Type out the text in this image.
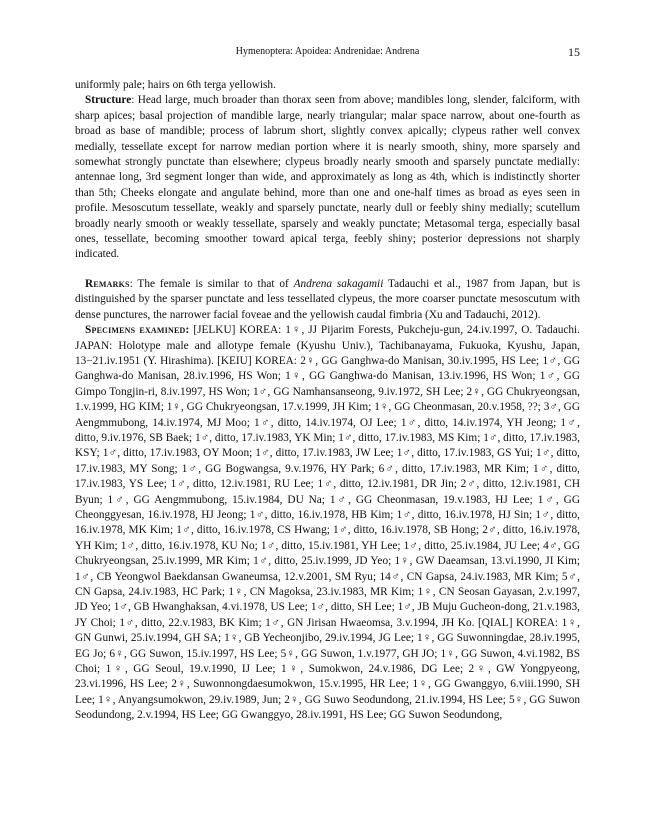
Hymenoptera: Apoidea: Andrenidae: Andrena	15

uniformly pale; hairs on 6th terga yellowish.

Structure: Head large, much broader than thorax seen from above; mandibles long, slender, falciform, with sharp apices; basal projection of mandible large, nearly triangular; malar space narrow, about one-fourth as broad as base of mandible; process of labrum short, slightly convex apically; clypeus rather well convex medially, tessellate except for narrow median portion where it is nearly smooth, shiny, more sparsely and somewhat strongly punctate than elsewhere; clypeus broadly nearly smooth and sparsely punctate medially: antennae long, 3rd segment longer than wide, and approximately as long as 4th, which is indistinctly shorter than 5th; Cheeks elongate and angulate behind, more than one and one-half times as broad as eyes seen in profile. Mesoscutum tessellate, weakly and sparsely punctate, nearly dull or feebly shiny medially; scutellum broadly nearly smooth or weakly tessellate, sparsely and weakly punctate; Metasomal terga, especially basal ones, tessellate, becoming smoother toward apical terga, feebly shiny; posterior depressions not sharply indicated.

Remarks: The female is similar to that of Andrena sakagamii Tadauchi et al., 1987 from Japan, but is distinguished by the sparser punctate and less tessellated clypeus, the more coarser punctate mesoscutum with dense punctures, the narrower facial foveae and the yellowish caudal fimbria (Xu and Tadauchi, 2012).

Specimens examined: [JELKU] KOREA: 1♀, JJ Pijarim Forests, Pukcheju-gun, 24.iv.1997, O. Tadauchi. JAPAN: Holotype male and allotype female (Kyushu Univ.), Tachibanayama, Fukuoka, Kyushu, Japan, 13−21.iv.1951 (Y. Hirashima). [KEIU] KOREA: 2♀, GG Ganghwa-do Manisan, 30.iv.1995, HS Lee; 1♂, GG Ganghwa-do Manisan, 28.iv.1996, HS Won; 1♀, GG Ganghwa-do Manisan, 13.iv.1996, HS Won; 1♂, GG Gimpo Tongjin-ri, 8.iv.1997, HS Won; 1♂, GG Namhansanseong, 9.iv.1972, SH Lee; 2♀, GG Chukryeongsan, 1.v.1999, HG KIM; 1♀, GG Chukryeongsan, 17.v.1999, JH Kim; 1♀, GG Cheonmasan, 20.v.1958, ??; 3♂, GG Aengmmubong, 14.iv.1974, MJ Moo; 1♂, ditto, 14.iv.1974, OJ Lee; 1♂, ditto, 14.iv.1974, YH Jeong; 1♂, ditto, 9.iv.1976, SB Baek; 1♂, ditto, 17.iv.1983, YK Min; 1♂, ditto, 17.iv.1983, MS Kim; 1♂, ditto, 17.iv.1983, KSY; 1♂, ditto, 17.iv.1983, OY Moon; 1♂, ditto, 17.iv.1983, JW Lee; 1♂, ditto, 17.iv.1983, GS Yui; 1♂, ditto, 17.iv.1983, MY Song; 1♂, GG Bogwangsa, 9.v.1976, HY Park; 6♂, ditto, 17.iv.1983, MR Kim; 1♂, ditto, 17.iv.1983, YS Lee; 1♂, ditto, 12.iv.1981, RU Lee; 1♂, ditto, 12.iv.1981, DR Jin; 2♂, ditto, 12.iv.1981, CH Byun; 1♂, GG Aengmmubong, 15.iv.1984, DU Na; 1♂, GG Cheonmasan, 19.v.1983, HJ Lee; 1♂, GG Cheonggyesan, 16.iv.1978, HJ Jeong; 1♂, ditto, 16.iv.1978, HB Kim; 1♂, ditto, 16.iv.1978, HJ Sin; 1♂, ditto, 16.iv.1978, MK Kim; 1♂, ditto, 16.iv.1978, CS Hwang; 1♂, ditto, 16.iv.1978, SB Hong; 2♂, ditto, 16.iv.1978, YH Kim; 1♂, ditto, 16.iv.1978, KU No; 1♂, ditto, 15.iv.1981, YH Lee; 1♂, ditto, 25.iv.1984, JU Lee; 4♂, GG Chukryeongsan, 25.iv.1999, MR Kim; 1♂, ditto, 25.iv.1999, JD Yeo; 1♀, GW Daeamsan, 13.vi.1990, JI Kim; 1♂, CB Yeongwol Baekdansan Gwaneumsa, 12.v.2001, SM Ryu; 14♂, CN Gapsa, 24.iv.1983, MR Kim; 5♂, CN Gapsa, 24.iv.1983, HC Park; 1♀, CN Magoksa, 23.iv.1983, MR Kim; 1♀, CN Seosan Gayasan, 2.v.1997, JD Yeo; 1♂, GB Hwanghaksan, 4.vi.1978, US Lee; 1♂, ditto, SH Lee; 1♂, JB Muju Gucheon-dong, 21.v.1983, JY Choi; 1♂, ditto, 22.v.1983, BK Kim; 1♂, GN Jirisan Hwaeomsa, 3.v.1994, JH Ko. [QIAL] KOREA: 1♀, GN Gunwi, 25.iv.1994, GH SA; 1♀, GB Yecheonjibo, 29.iv.1994, JG Lee; 1♀, GG Suwonningdae, 28.iv.1995, EG Jo; 6♀, GG Suwon, 15.iv.1997, HS Lee; 5♀, GG Suwon, 1.v.1977, GH JO; 1♀, GG Suwon, 4.vi.1982, BS Choi; 1♀, GG Seoul, 19.v.1990, IJ Lee; 1♀, Sumokwon, 24.v.1986, DG Lee; 2♀, GW Yongpyeong, 23.vi.1996, HS Lee; 2♀, Suwonnongdaesumokwon, 15.v.1995, HR Lee; 1♀, GG Gwanggyo, 6.viii.1990, SH Lee; 1♀, Anyangsumokwon, 29.iv.1989, Jun; 2♀, GG Suwo Seodundong, 21.iv.1994, HS Lee; 5♀, GG Suwon Seodundong, 2.v.1994, HS Lee; GG Gwanggyo, 28.iv.1991, HS Lee; GG Suwon Seodundong,
